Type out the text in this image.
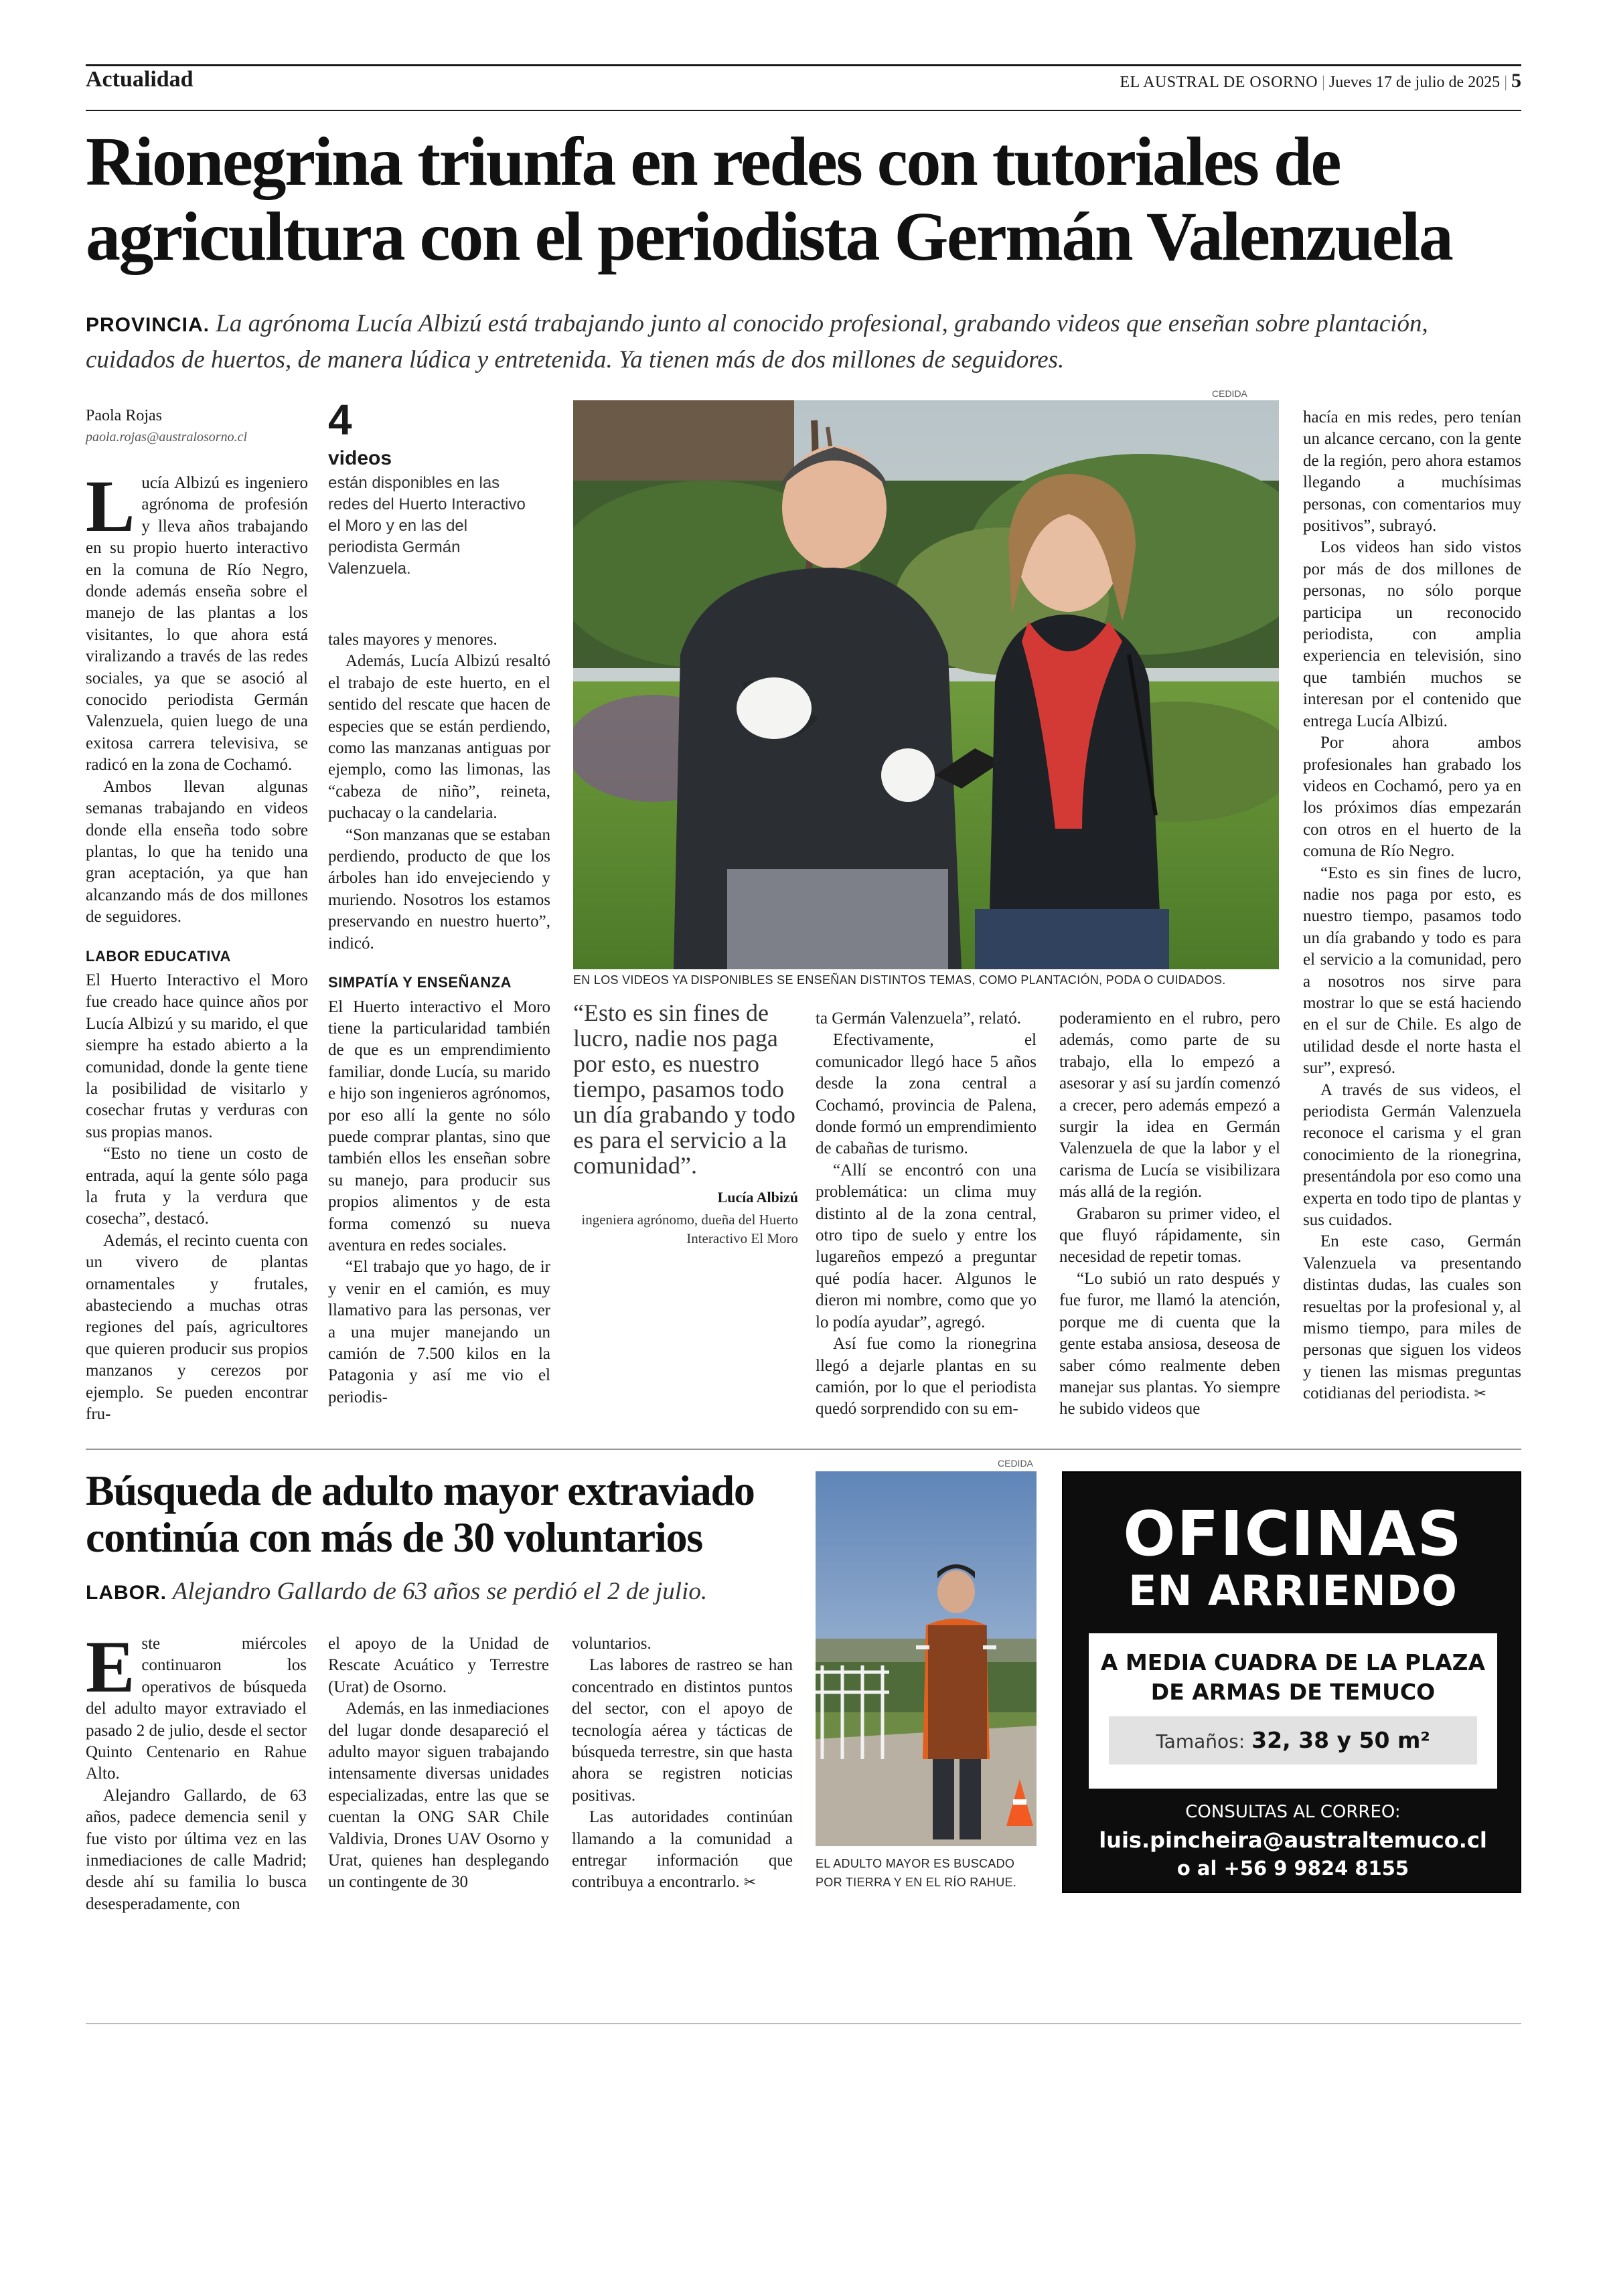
Actualidad	EL AUSTRAL DE OSORNO | Jueves 17 de julio de 2025 | 5
Rionegrina triunfa en redes con tutoriales de agricultura con el periodista Germán Valenzuela
PROVINCIA. La agrónoma Lucía Albizú está trabajando junto al conocido profesional, grabando videos que enseñan sobre plantación, cuidados de huertos, de manera lúdica y entretenida. Ya tienen más de dos millones de seguidores.
Paola Rojas
paola.rojas@australosorno.cl

Lucía Albizú es ingeniero agrónoma de profesión y lleva años trabajando en su propio huerto interactivo en la comuna de Río Negro, donde además enseña sobre el manejo de las plantas a los visitantes, lo que ahora está viralizando a través de las redes sociales, ya que se asoció al conocido periodista Germán Valenzuela, quien luego de una exitosa carrera televisiva, se radicó en la zona de Cochamó.

Ambos llevan algunas semanas trabajando en videos donde ella enseña todo sobre plantas, lo que ha tenido una gran aceptación, ya que han alcanzando más de dos millones de seguidores.

LABOR EDUCATIVA

El Huerto Interactivo el Moro fue creado hace quince años por Lucía Albizú y su marido, el que siempre ha estado abierto a la comunidad, donde la gente tiene la posibilidad de visitarlo y cosechar frutas y verduras con sus propias manos.

“Esto no tiene un costo de entrada, aquí la gente sólo paga la fruta y la verdura que cosecha”, destacó.

Además, el recinto cuenta con un vivero de plantas ornamentales y frutales, abasteciendo a muchas otras regiones del país, agricultores que quieren producir sus propios manzanos y cerezos por ejemplo. Se pueden encontrar fru-

4
videos
están disponibles en las redes del Huerto Interactivo el Moro y en las del periodista Germán Valenzuela.

tales mayores y menores.

Además, Lucía Albizú resaltó el trabajo de este huerto, en el sentido del rescate que hacen de especies que se están perdiendo, como las manzanas antiguas por ejemplo, como las limonas, las “cabeza de niño”, reineta, puchacay o la candelaria.

“Son manzanas que se estaban perdiendo, producto de que los árboles han ido envejeciendo y muriendo. Nosotros los estamos preservando en nuestro huerto”, indicó.

SIMPATÍA Y ENSEÑANZA

El Huerto interactivo el Moro tiene la particularidad también de que es un emprendimiento familiar, donde Lucía, su marido e hijo son ingenieros agrónomos, por eso allí la gente no sólo puede comprar plantas, sino que también ellos les enseñan sobre su manejo, para producir sus propios alimentos y de esta forma comenzó su nueva aventura en redes sociales.

“El trabajo que yo hago, de ir y venir en el camión, es muy llamativo para las personas, ver a una mujer manejando un camión de 7.500 kilos en la Patagonia y así me vio el periodis-

CEDIDA
EN LOS VIDEOS YA DISPONIBLES SE ENSEÑAN DISTINTOS TEMAS, COMO PLANTACIÓN, PODA O CUIDADOS.
“Esto es sin fines de lucro, nadie nos paga por esto, es nuestro tiempo, pasamos todo un día grabando y todo es para el servicio a la comunidad”.
Lucía Albizú
ingeniera agrónomo, dueña del Huerto Interactivo El Moro

ta Germán Valenzuela”, relató.

Efectivamente, el comunicador llegó hace 5 años desde la zona central a Cochamó, provincia de Palena, donde formó un emprendimiento de cabañas de turismo.

“Allí se encontró con una problemática: un clima muy distinto al de la zona central, otro tipo de suelo y entre los lugareños empezó a preguntar qué podía hacer. Algunos le dieron mi nombre, como que yo lo podía ayudar”, agregó.

Así fue como la rionegrina llegó a dejarle plantas en su camión, por lo que el periodista quedó sorprendido con su em-

poderamiento en el rubro, pero además, como parte de su trabajo, ella lo empezó a asesorar y así su jardín comenzó a crecer, pero además empezó a surgir la idea en Germán Valenzuela de que la labor y el carisma de Lucía se visibilizara más allá de la región.

Grabaron su primer video, el que fluyó rápidamente, sin necesidad de repetir tomas.

“Lo subió un rato después y fue furor, me llamó la atención, porque me di cuenta que la gente estaba ansiosa, deseosa de saber cómo realmente deben manejar sus plantas. Yo siempre he subido videos que

hacía en mis redes, pero tenían un alcance cercano, con la gente de la región, pero ahora estamos llegando a muchísimas personas, con comentarios muy positivos”, subrayó.

Los videos han sido vistos por más de dos millones de personas, no sólo porque participa un reconocido periodista, con amplia experiencia en televisión, sino que también muchos se interesan por el contenido que entrega Lucía Albizú.

Por ahora ambos profesionales han grabado los videos en Cochamó, pero ya en los próximos días empezarán con otros en el huerto de la comuna de Río Negro.

“Esto es sin fines de lucro, nadie nos paga por esto, es nuestro tiempo, pasamos todo un día grabando y todo es para el servicio a la comunidad, pero a nosotros nos sirve para mostrar lo que se está haciendo en el sur de Chile. Es algo de utilidad desde el norte hasta el sur”, expresó.

A través de sus videos, el periodista Germán Valenzuela reconoce el carisma y el gran conocimiento de la rionegrina, presentándola por eso como una experta en todo tipo de plantas y sus cuidados.

En este caso, Germán Valenzuela va presentando distintas dudas, las cuales son resueltas por la profesional y, al mismo tiempo, para miles de personas que siguen los videos y tienen las mismas preguntas cotidianas del periodista. ✂

Búsqueda de adulto mayor extraviado continúa con más de 30 voluntarios
LABOR. Alejandro Gallardo de 63 años se perdió el 2 de julio.

Este miércoles continuaron los operativos de búsqueda del adulto mayor extraviado el pasado 2 de julio, desde el sector Quinto Centenario en Rahue Alto.

Alejandro Gallardo, de 63 años, padece demencia senil y fue visto por última vez en las inmediaciones de calle Madrid; desde ahí su familia lo busca desesperadamente, con

el apoyo de la Unidad de Rescate Acuático y Terrestre (Urat) de Osorno.

Además, en las inmediaciones del lugar donde desapareció el adulto mayor siguen trabajando intensamente diversas unidades especializadas, entre las que se cuentan la ONG SAR Chile Valdivia, Drones UAV Osorno y Urat, quienes han desplegando un contingente de 30

voluntarios.

Las labores de rastreo se han concentrado en distintos puntos del sector, con el apoyo de tecnología aérea y tácticas de búsqueda terrestre, sin que hasta ahora se registren noticias positivas.

Las autoridades continúan llamando a la comunidad a entregar información que contribuya a encontrarlo. ✂

CEDIDA
EL ADULTO MAYOR ES BUSCADO POR TIERRA Y EN EL RÍO RAHUE.
OFICINAS
EN ARRIENDO
A MEDIA CUADRA DE LA PLAZA DE ARMAS DE TEMUCO
Tamaños: 32, 38 y 50 m²
CONSULTAS AL CORREO:
luis.pincheira@australtemuco.cl
o al +56 9 9824 8155
